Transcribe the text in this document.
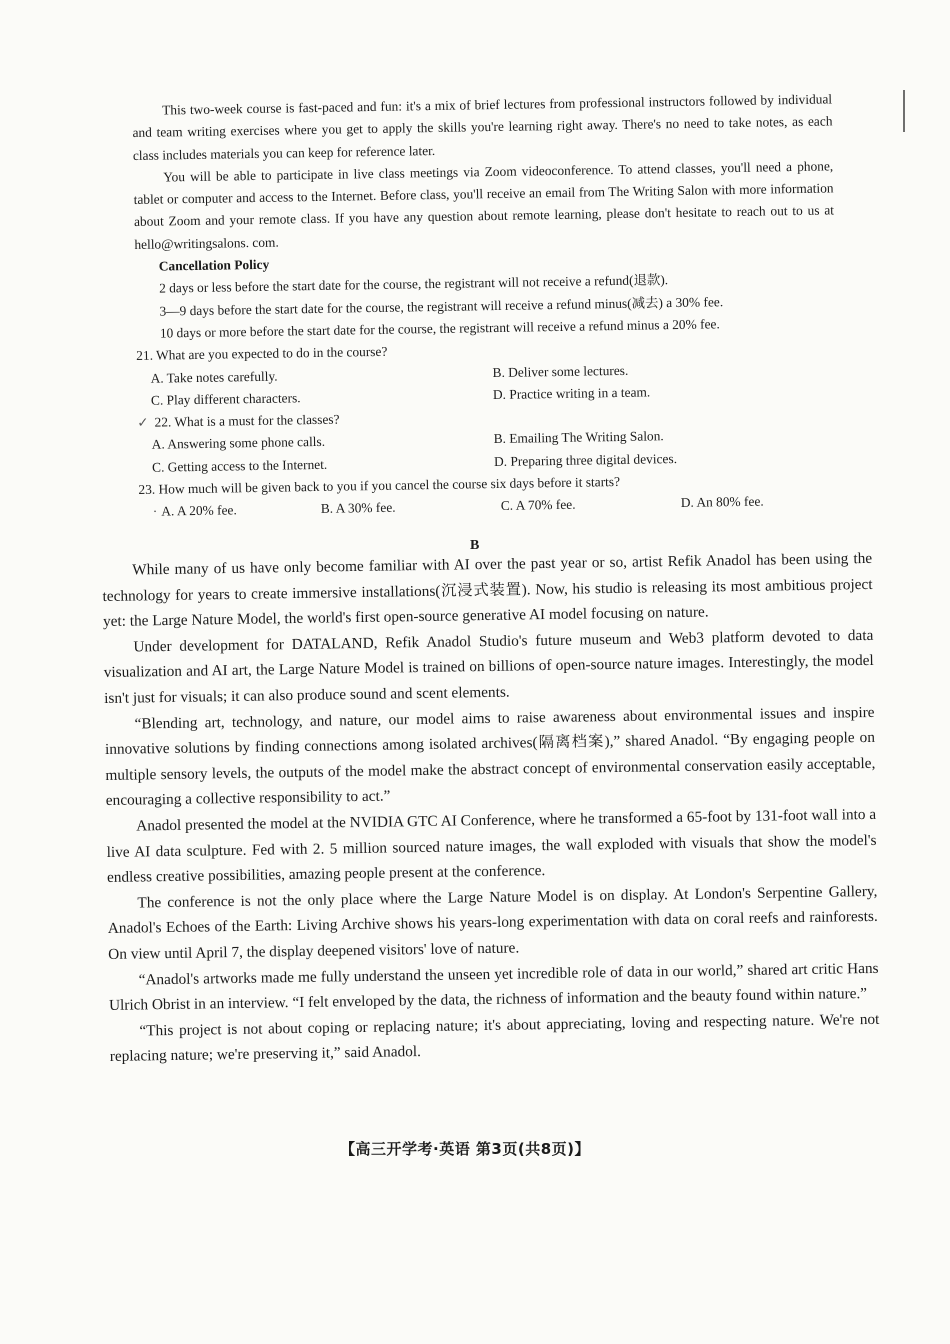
This two-week course is fast-paced and fun: it's a mix of brief lectures from professional instructors followed by individual and team writing exercises where you get to apply the skills you're learning right away. There's no need to take notes, as each class includes materials you can keep for reference later.

You will be able to participate in live class meetings via Zoom videoconference. To attend classes, you'll need a phone, tablet or computer and access to the Internet. Before class, you'll receive an email from The Writing Salon with more information about Zoom and your remote class. If you have any question about remote learning, please don't hesitate to reach out to us at hello@writingsalons. com.

Cancellation Policy

2 days or less before the start date for the course, the registrant will not receive a refund(退款).

3—9 days before the start date for the course, the registrant will receive a refund minus(减去) a 30% fee.

10 days or more before the start date for the course, the registrant will receive a refund minus a 20% fee.

21. What are you expected to do in the course?

A. Take notes carefully.	B. Deliver some lectures.

C. Play different characters.	D. Practice writing in a team.

✓ 22. What is a must for the classes?

A. Answering some phone calls.	B. Emailing The Writing Salon.

C. Getting access to the Internet.	D. Preparing three digital devices.

23. How much will be given back to you if you cancel the course six days before it starts?

· A. A 20% fee.	B. A 30% fee.	C. A 70% fee.	D. An 80% fee.

B

While many of us have only become familiar with AI over the past year or so, artist Refik Anadol has been using the technology for years to create immersive installations(沉浸式装置). Now, his studio is releasing its most ambitious project yet: the Large Nature Model, the world's first open-source generative AI model focusing on nature.

Under development for DATALAND, Refik Anadol Studio's future museum and Web3 platform devoted to data visualization and AI art, the Large Nature Model is trained on billions of open-source nature images. Interestingly, the model isn't just for visuals; it can also produce sound and scent elements.

“Blending art, technology, and nature, our model aims to raise awareness about environmental issues and inspire innovative solutions by finding connections among isolated archives(隔离档案),” shared Anadol. “By engaging people on multiple sensory levels, the outputs of the model make the abstract concept of environmental conservation easily acceptable, encouraging a collective responsibility to act.”

Anadol presented the model at the NVIDIA GTC AI Conference, where he transformed a 65-foot by 131-foot wall into a live AI data sculpture. Fed with 2. 5 million sourced nature images, the wall exploded with visuals that show the model's endless creative possibilities, amazing people present at the conference.

The conference is not the only place where the Large Nature Model is on display. At London's Serpentine Gallery, Anadol's Echoes of the Earth: Living Archive shows his years-long experimentation with data on coral reefs and rainforests. On view until April 7, the display deepened visitors' love of nature.

“Anadol's artworks made me fully understand the unseen yet incredible role of data in our world,” shared art critic Hans Ulrich Obrist in an interview. “I felt enveloped by the data, the richness of information and the beauty found within nature.”

“This project is not about coping or replacing nature; it's about appreciating, loving and respecting nature. We're not replacing nature; we're preserving it,” said Anadol.

【高三开学考·英语 第3页(共8页)】
